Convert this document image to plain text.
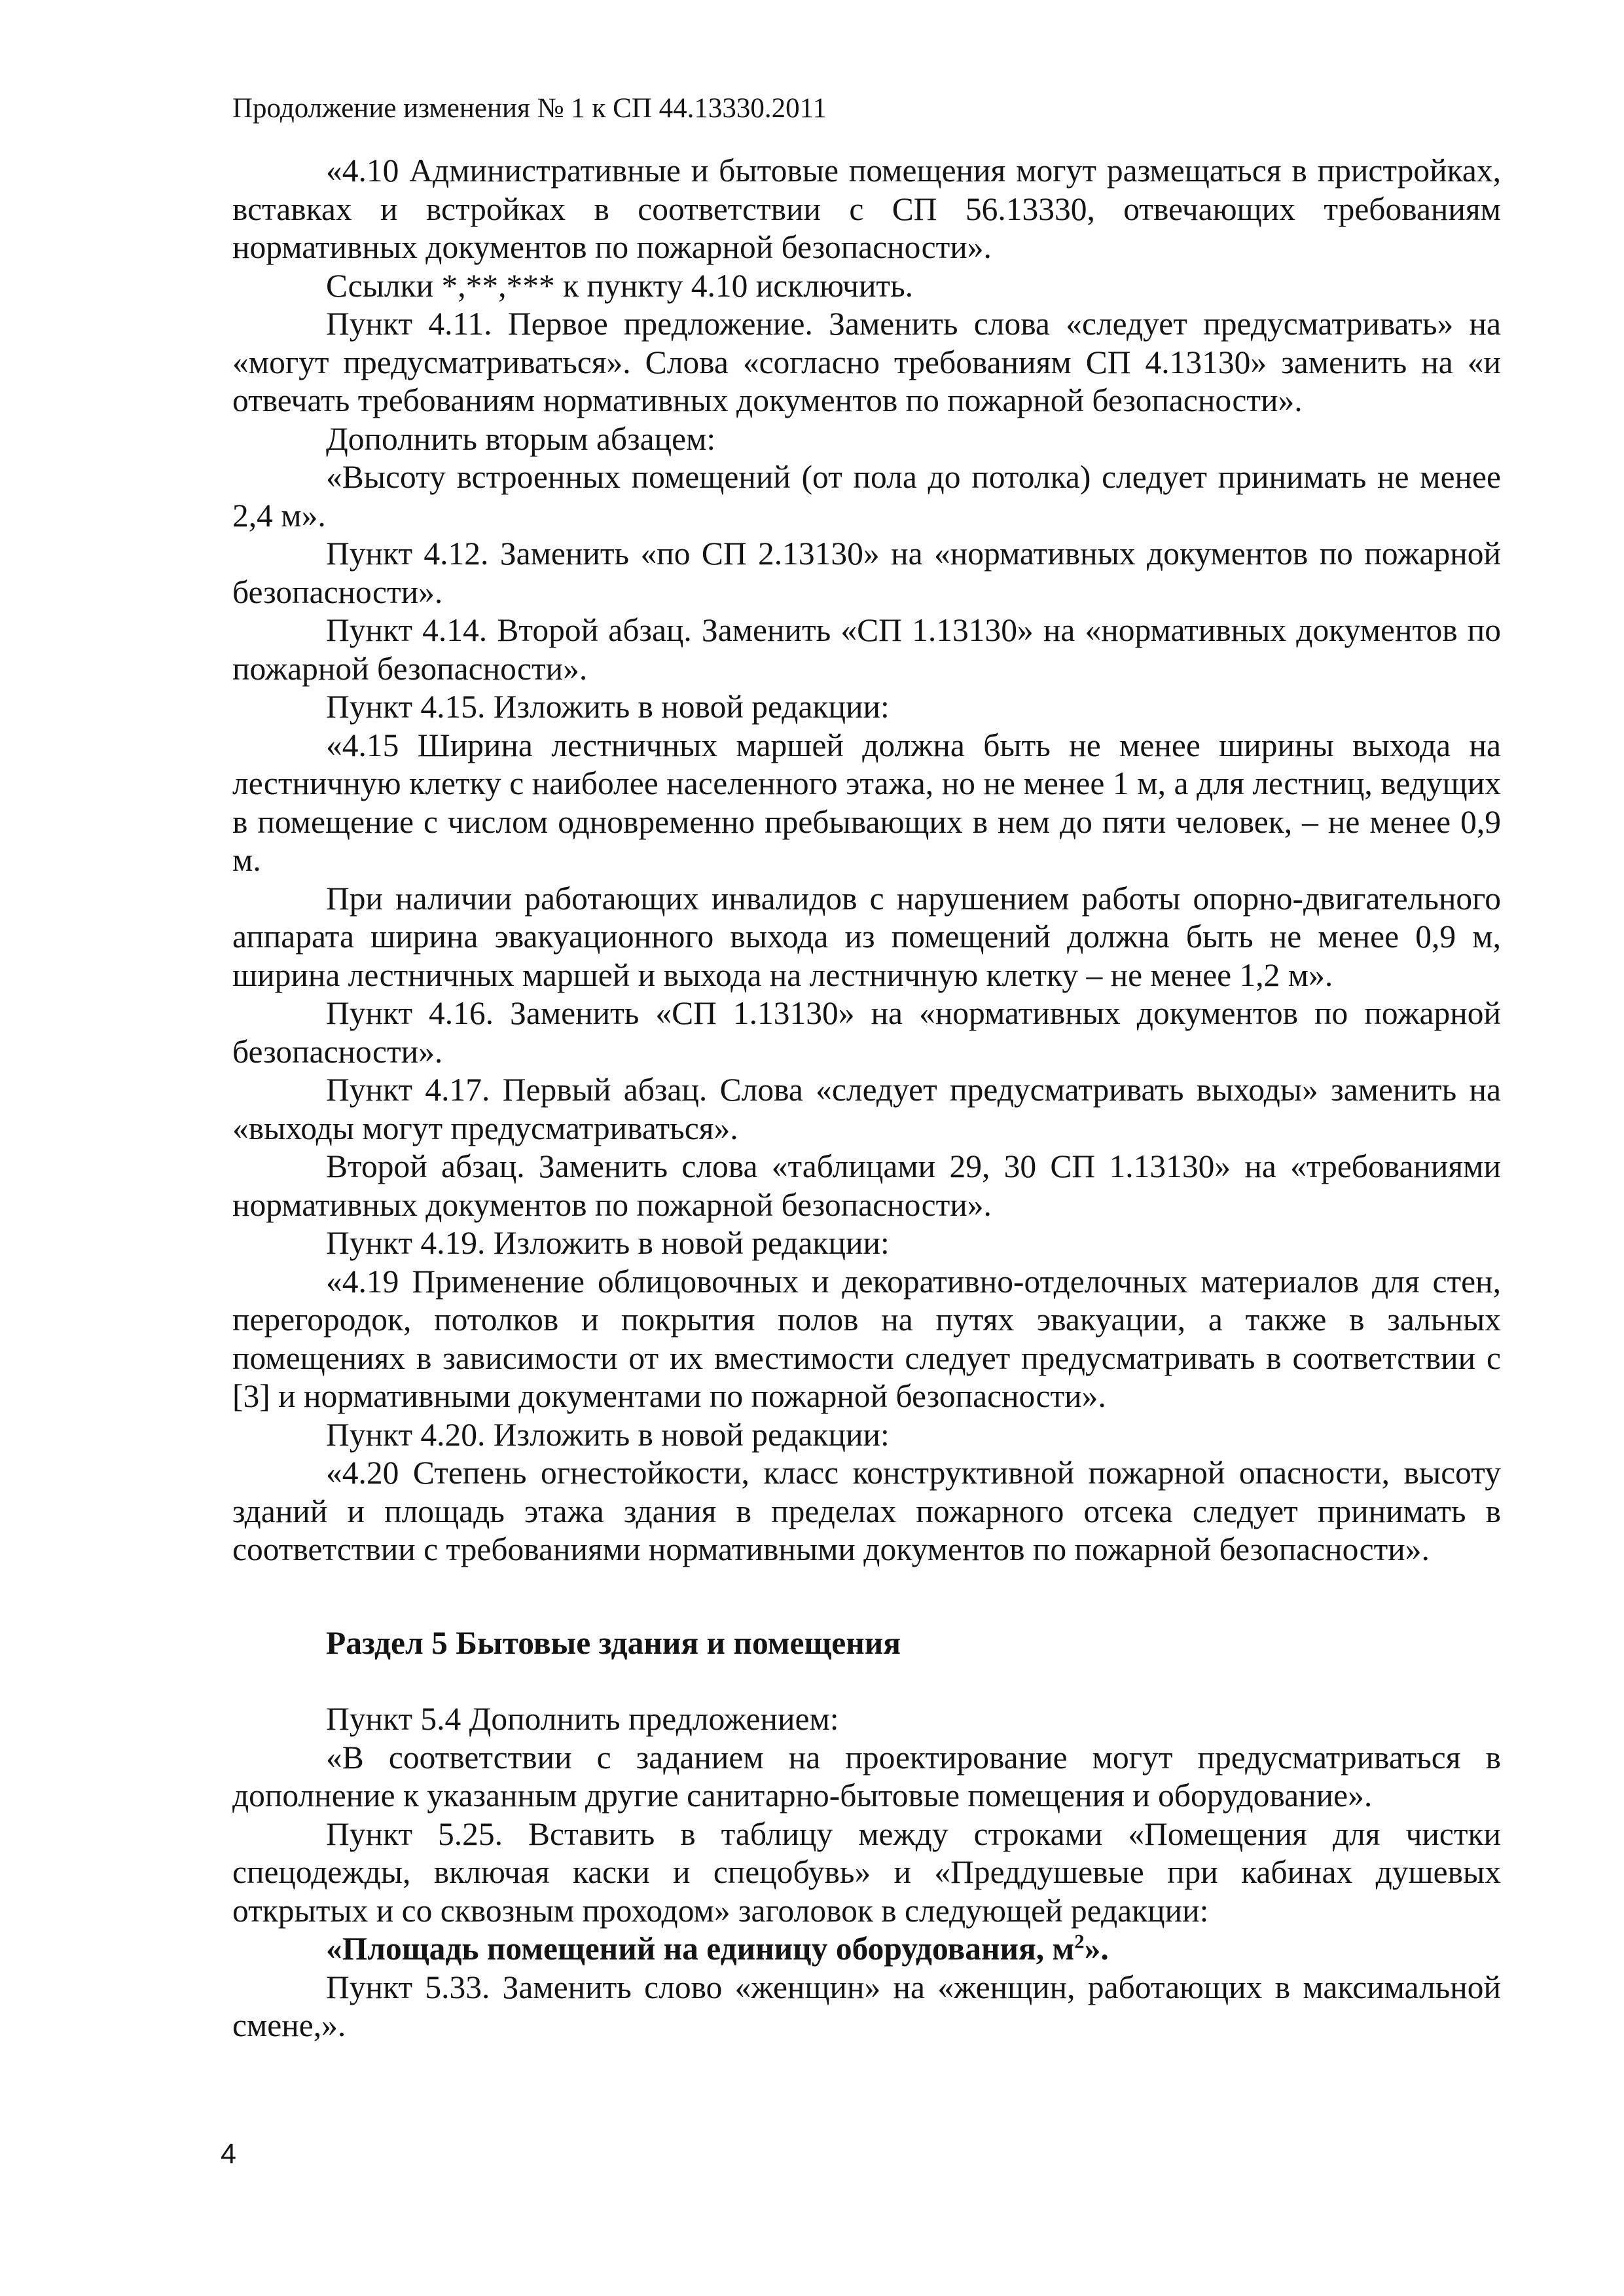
Продолжение изменения № 1 к СП 44.13330.2011

«4.10 Административные и бытовые помещения могут размещаться в пристройках, вставках и встройках в соответствии с СП 56.13330, отвечающих требованиям нормативных документов по пожарной безопасности».

Ссылки *,**,*** к пункту 4.10 исключить.

Пункт 4.11. Первое предложение. Заменить слова «следует предусматривать» на «могут предусматриваться». Слова «согласно требованиям СП 4.13130» заменить на «и отвечать требованиям нормативных документов по пожарной безопасности».

Дополнить вторым абзацем:

«Высоту встроенных помещений (от пола до потолка) следует принимать не менее 2,4 м».

Пункт 4.12. Заменить «по СП 2.13130» на «нормативных документов по пожарной безопасности».

Пункт 4.14. Второй абзац. Заменить «СП 1.13130» на «нормативных документов по пожарной безопасности».

Пункт 4.15. Изложить в новой редакции:

«4.15 Ширина лестничных маршей должна быть не менее ширины выхода на лестничную клетку с наиболее населенного этажа, но не менее 1 м, а для лестниц, ведущих в помещение с числом одновременно пребывающих в нем до пяти человек, – не менее 0,9 м.

При наличии работающих инвалидов с нарушением работы опорно-двигательного аппарата ширина эвакуационного выхода из помещений должна быть не менее 0,9 м, ширина лестничных маршей и выхода на лестничную клетку – не менее 1,2 м».

Пункт 4.16. Заменить «СП 1.13130» на «нормативных документов по пожарной безопасности».

Пункт 4.17. Первый абзац. Слова «следует предусматривать выходы» заменить на «выходы могут предусматриваться».

Второй абзац. Заменить слова «таблицами 29, 30 СП 1.13130» на «требованиями нормативных документов по пожарной безопасности».

Пункт 4.19. Изложить в новой редакции:

«4.19 Применение облицовочных и декоративно-отделочных материалов для стен, перегородок, потолков и покрытия полов на путях эвакуации, а также в зальных помещениях в зависимости от их вместимости следует предусматривать в соответствии с [3] и нормативными документами по пожарной безопасности».

Пункт 4.20. Изложить в новой редакции:

«4.20 Степень огнестойкости, класс конструктивной пожарной опасности, высоту зданий и площадь этажа здания в пределах пожарного отсека следует принимать в соответствии с требованиями нормативными документов по пожарной безопасности».

Раздел 5 Бытовые здания и помещения

Пункт 5.4 Дополнить предложением:

«В соответствии с заданием на проектирование могут предусматриваться в дополнение к указанным другие санитарно-бытовые помещения и оборудование».

Пункт 5.25. Вставить в таблицу между строками «Помещения для чистки спецодежды, включая каски и спецобувь» и «Преддушевые при кабинах душевых открытых и со сквозным проходом» заголовок в следующей редакции:

«Площадь помещений на единицу оборудования, $м^2$».

Пункт 5.33. Заменить слово «женщин» на «женщин, работающих в максимальной смене,».

4
